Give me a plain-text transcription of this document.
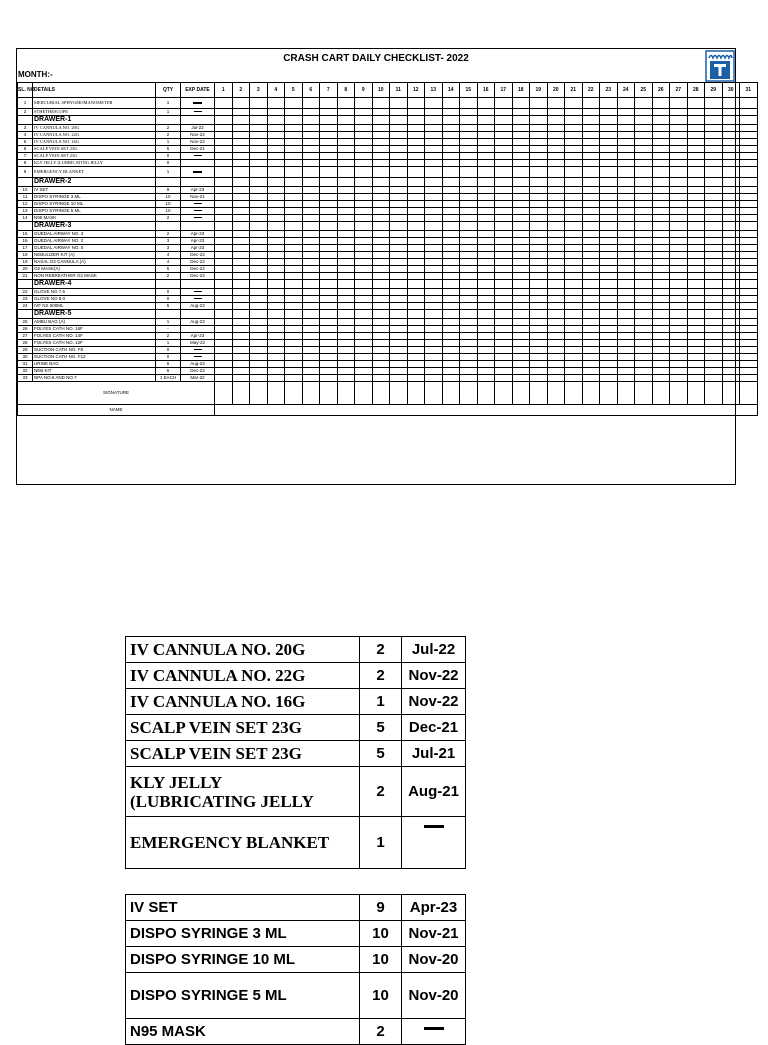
CRASH CART DAILY CHECKLIST- 2022
MONTH:-
SL. NO	DETAILS	QTY	EXP DATE	1	2	3	4	5	6	7	8	9	10	11	12	13	14	15	16	17	18	19	20	21	22	23	24	25	26	27	28	29	30	31
1	MERCURIAL SPHYGMOMANOMETER	1																																
2	STHETHESCOPE	1																																
	DRAWER-1																																	
3	IV CANNULA NO. 20G	2	Jul-22																															
4	IV CANNULA NO. 22G	2	Nov-22																															
5	IV CANNULA NO. 16G	1	Nov-22																															
6	SCALP VEIN SET 23G	5	Dec-21																															
7	SCALP VEIN SET 23G	0																																
8	KLY JELLY (LUBRICATING JELLY	0																																
9	EMERGENCY BLANKET	1																																
	DRAWER-2																																	
10	IV SET	9	Apr-23																															
11	DISPO SYRINGE 3 ML	10	Nov-21																															
12	DISPO SYRINGE 10 ML	10																																
13	DISPO SYRINGE 5 ML	10																																
14	N95 MASK	2																																
	DRAWER-3																																	
15	GUEDAL AIRWAY NO. 3	2	Apr-23																															
16	GUEDAL AIRWAY NO. 2	3	Apr-23																															
17	GUEDAL AIRWAY NO. 5	3	Apr-23																															
18	NEBULIZER KIT (A)	4	Dec-22																															
19	NASAL O2 CANNULA (A)	4	Dec-22																															
20	O2 MASK(A)	5	Dec-22																															
21	NON REBREATHER O2 MASK	2	Dec-23																															
	DRAWER-4																																	
22	GLOVE NO 7.5	0																																
23	GLOVE NO 8.0	0																																
24	IVF NS 500ML	5	Aug-23																															
	DRAWER-5																																	
25	AMBU BAG (A)	1	Aug-23																															
26	FOLYES CATH NO. 16F	-																																
27	FOLYES CATH NO. 14F	2	Apr-23																															
28	FOLYES CATH NO. 12F	1	May-22																															
29	SUCTION CATH NO. F8	0																																
30	SUCTION CATH NO. F12	0																																
31	URINE BAG	6	Aug-23																															
32	NEB KIT	6	Dec-22																															
33	NPA NO.8 AND NO.7	1 EACH	Mar-22																															
SIGNATURE																																		
NAME																																		
IV CANNULA NO. 20G	2	Jul-22
IV CANNULA NO. 22G	2	Nov-22
IV CANNULA NO. 16G	1	Nov-22
SCALP VEIN SET 23G	5	Dec-21
SCALP VEIN SET 23G	5	Jul-21
KLY JELLY
(LUBRICATING JELLY	2	Aug-21
EMERGENCY BLANKET	1	
IV SET	9	Apr-23
DISPO SYRINGE 3 ML	10	Nov-21
DISPO SYRINGE 10 ML	10	Nov-20
DISPO SYRINGE 5 ML	10	Nov-20
N95 MASK	2	
